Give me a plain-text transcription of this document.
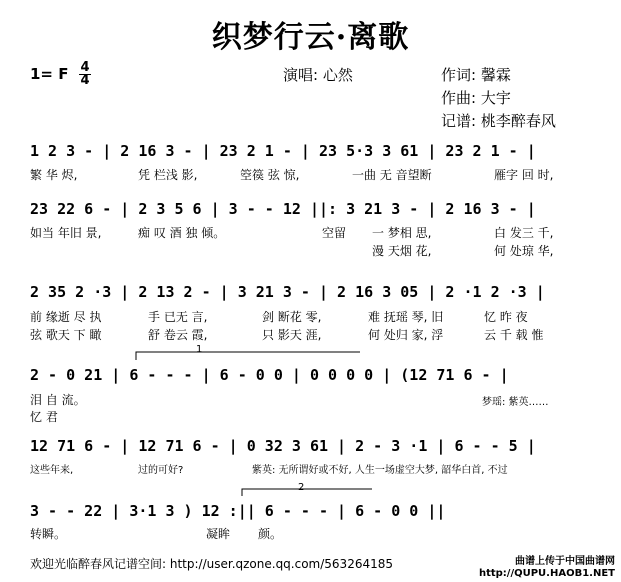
织梦行云·离歌
1= F 4
4	演唱: 心然	作词: 馨霖
作曲: 大宇
记谱: 桃李醉春风
1 2 3 - | 2 16 3 - | 23 2 1 - | 23 5·3 3 61 | 23 2 1 - |
繁 华 烬,	凭 栏浅 影,	箜篌 弦 惊,	一曲 无 音望断	雁字 回 时,
23 22 6 - | 2 3 5 6 | 3 - - 12 ||: 3 21 3 - | 2 16 3 - |
如当 年旧 景,	痴 叹 酒 独 倾。	空留 一 梦相 思,	白 发三 千,
漫 天烟 花,	何 处琼 华,
2 35 2 ·3 | 2 13 2 - | 3 21 3 - | 2 16 3 05 | 2 ·1 2 ·3 |
前 缘逝 尽 执	手 已无 言,	剑 断花 零,	难 抚瑶 琴, 旧	忆 昨 夜
弦 歌天 下 瞰	舒 卷云 霞,	只 影天 涯,	何 处归 家, 浮	云 千 载 惟
1
2 - 0 21 | 6 - - - | 6 - 0 0 | 0 0 0 0 | (12 71 6 - |
泪 自 流。
忆 君
梦瑶: 紫英……
12 71 6 - | 12 71 6 - | 0 32 3 61 | 2 - 3 ·1 | 6 - - 5 |
这些年来,	过的可好?	紫英: 无所谓好或不好, 人生一场虚空大梦, 韶华白首, 不过
2
3 - - 22 | 3·1 3 ) 12 :|| 6 - - - | 6 - 0 0 ||
转瞬。	凝眸 颜。
欢迎光临醉春风记谱空间: http://user.qzone.qq.com/563264185	曲谱上传于中国曲谱网
http://QUPU.HAOB1.NET
